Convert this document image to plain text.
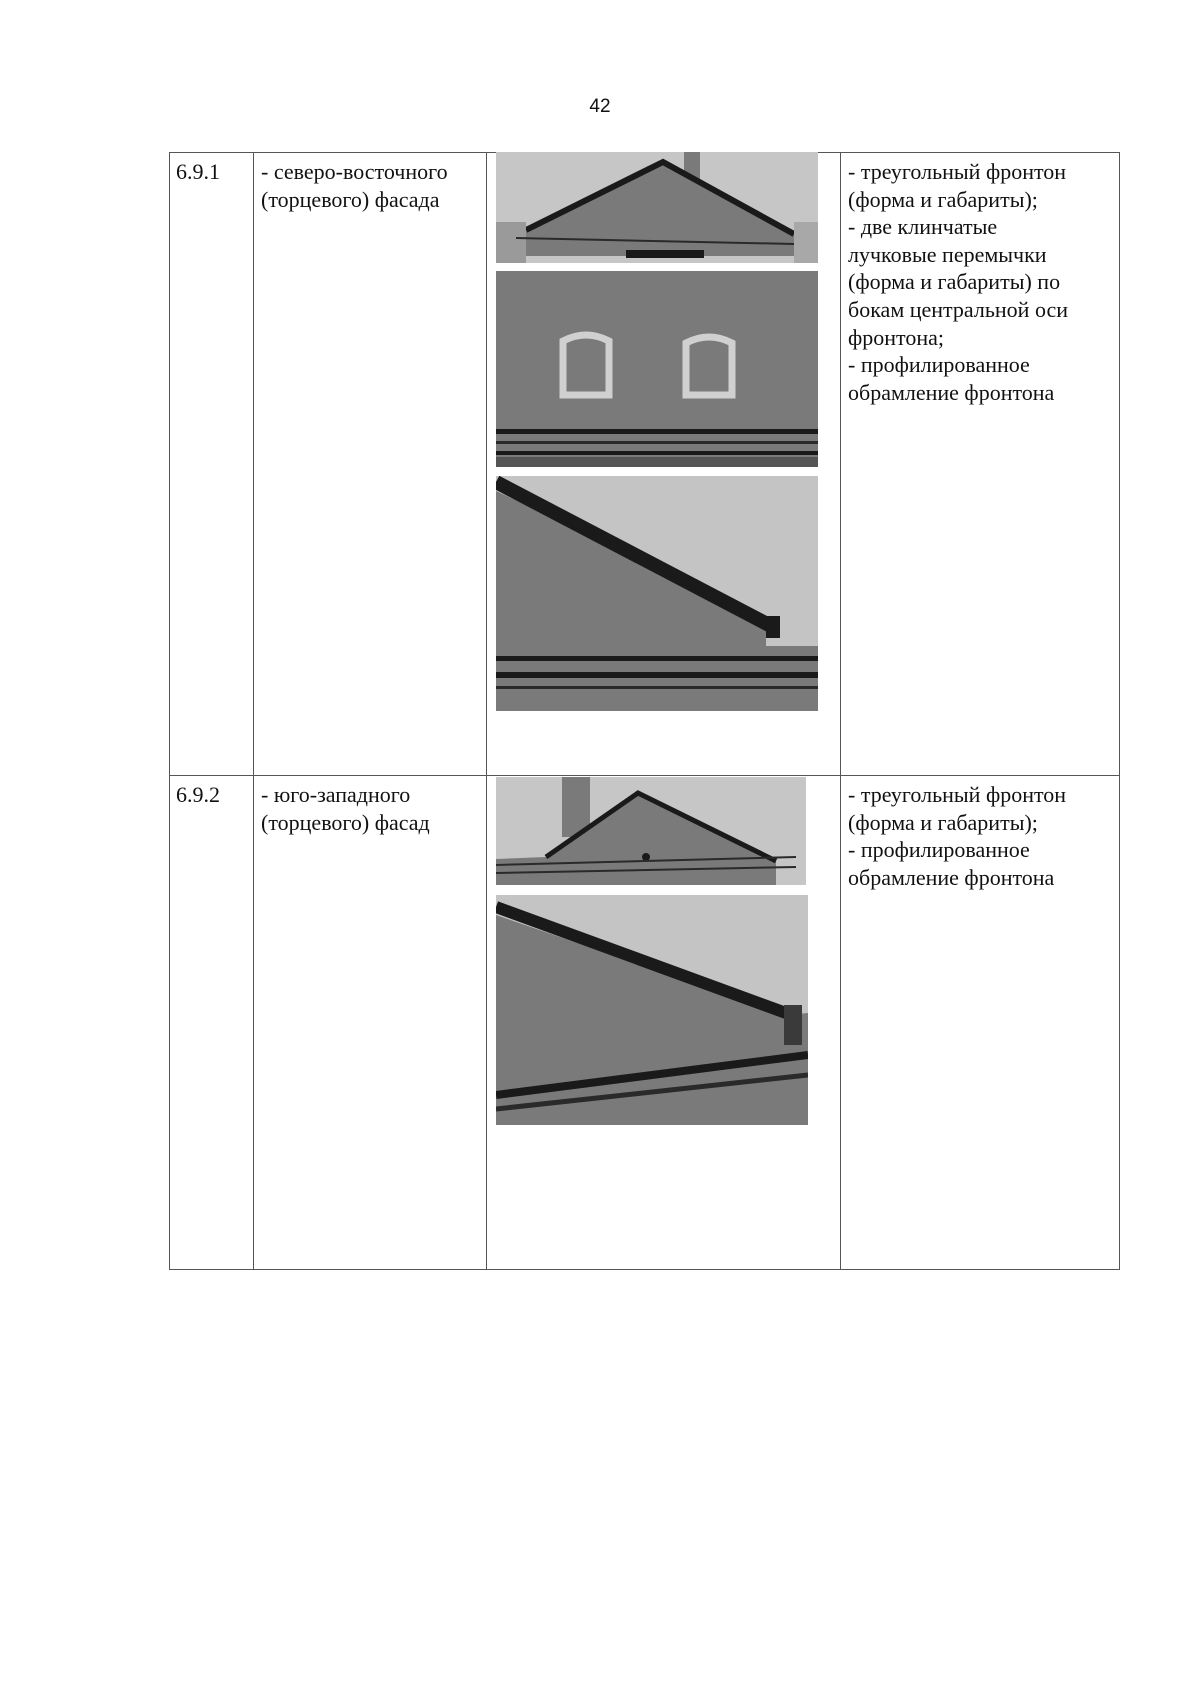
42
6.9.1 - северо-восточного
(торцевого) фасада
- треугольный фронтон
(форма и габариты);
- две клинчатые
лучковые перемычки
(форма и габариты) по
бокам центральной оси
фронтона;
- профилированное
обрамление фронтона
6.9.2 - юго-западного
(торцевого) фасад
- треугольный фронтон
(форма и габариты);
- профилированное
обрамление фронтона
